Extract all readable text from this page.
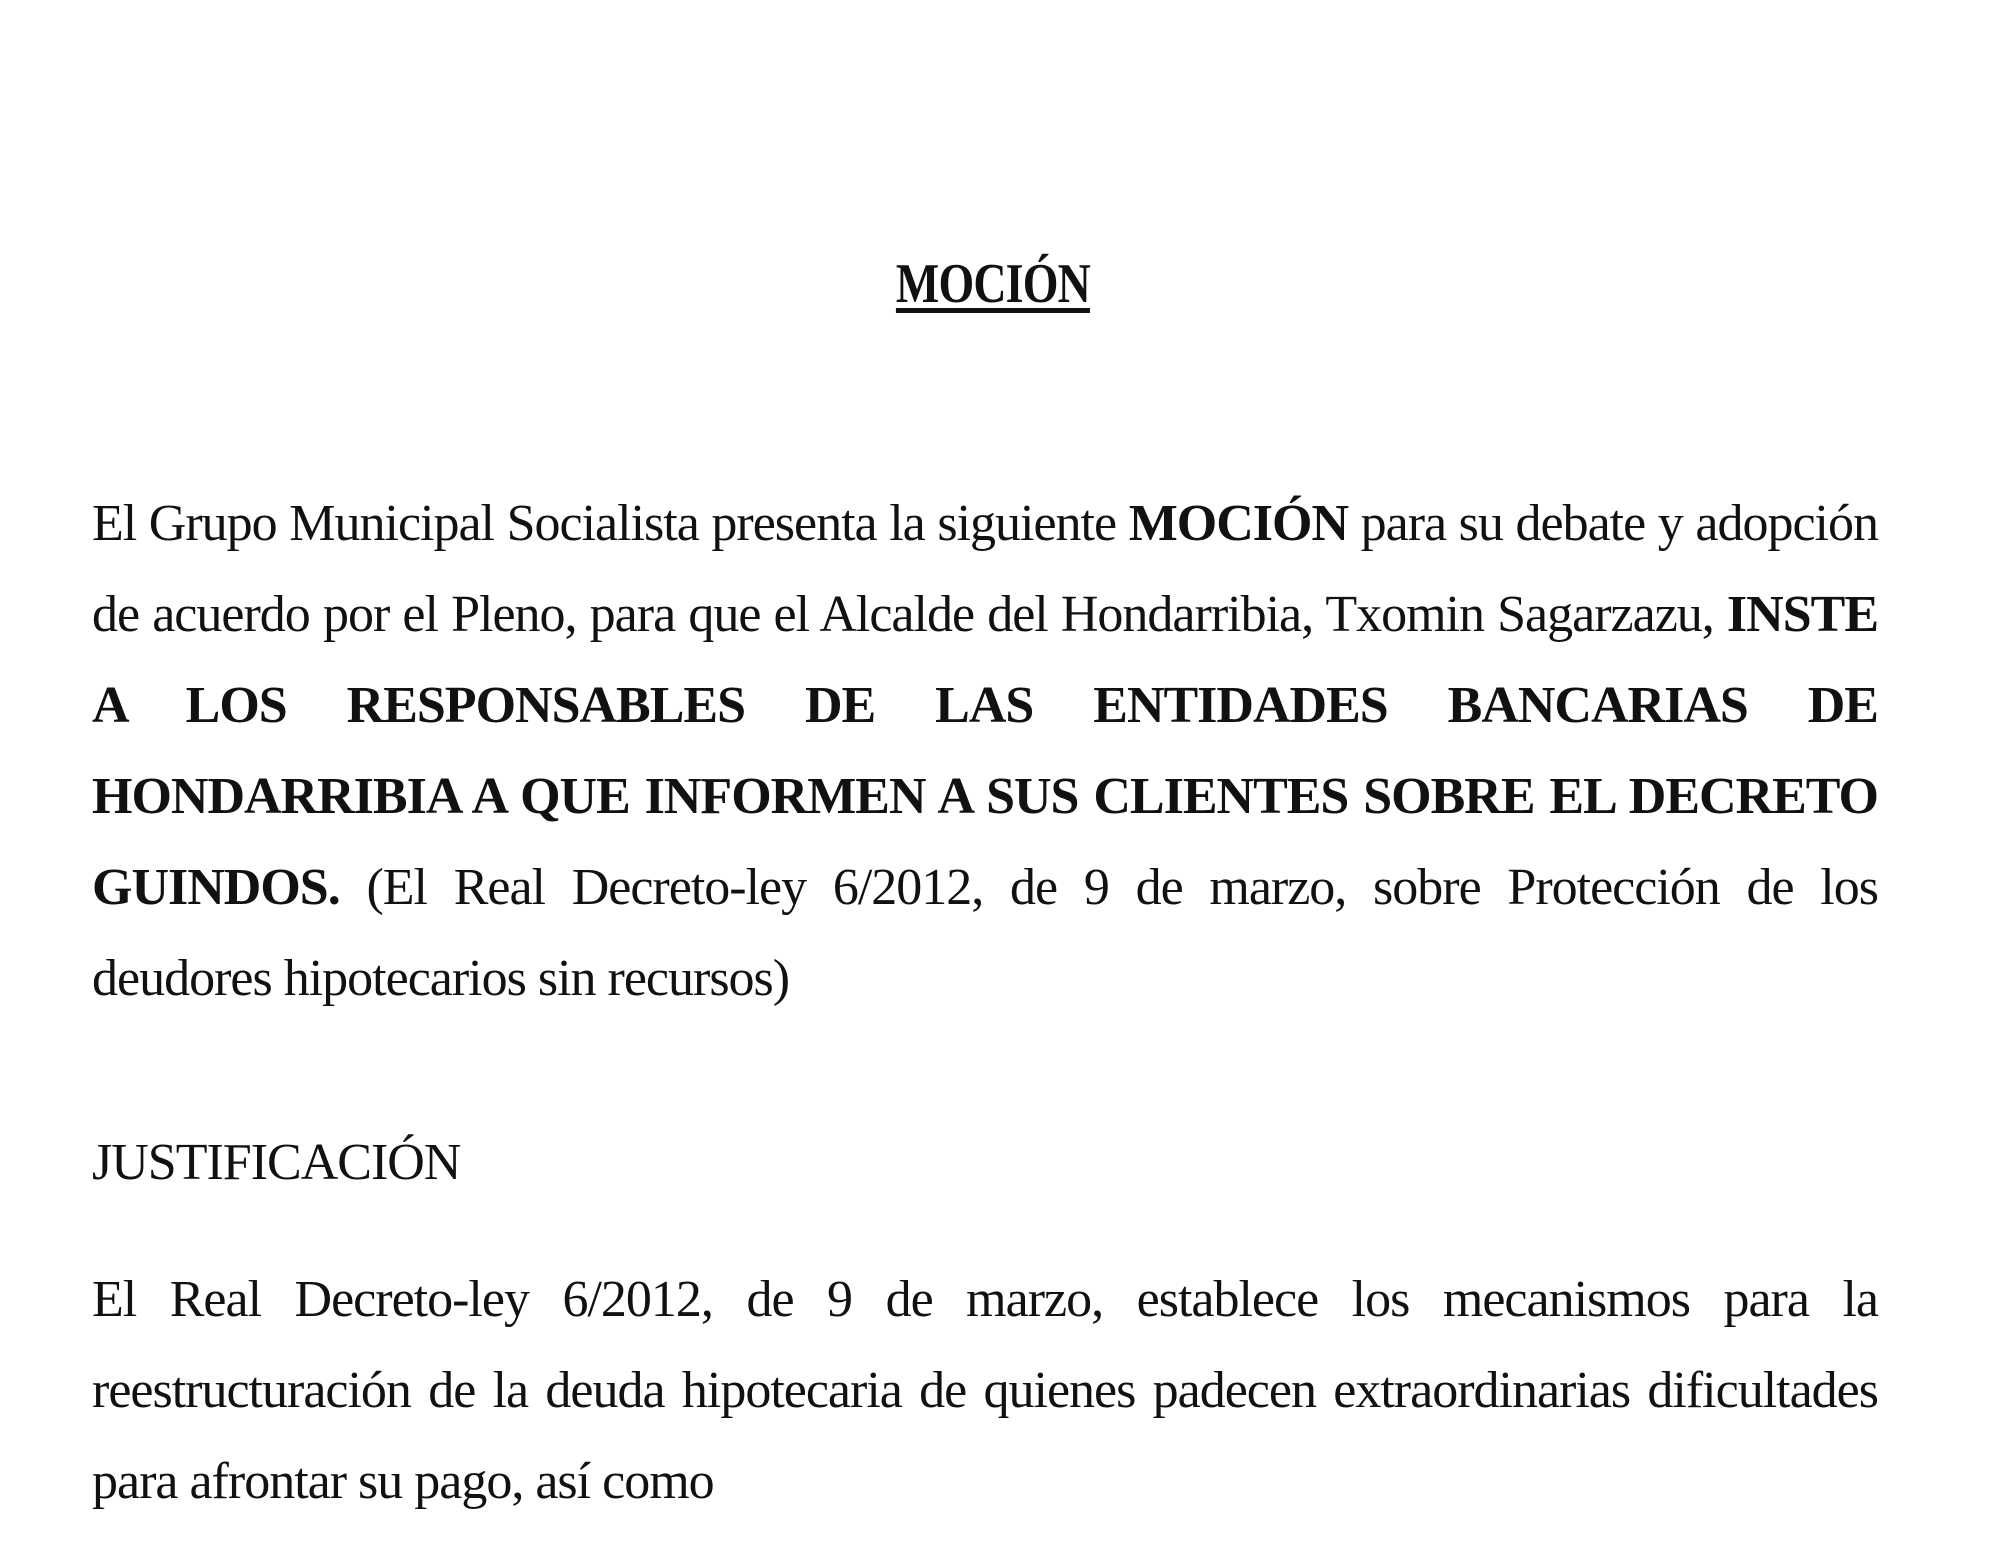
MOCIÓN

El Grupo Municipal Socialista presenta la siguiente MOCIÓN para su debate y adopción de acuerdo por el Pleno, para que el Alcalde del Hondarribia, Txomin Sagarzazu, INSTE A LOS RESPONSABLES DE LAS ENTIDADES BANCARIAS DE HONDARRIBIA A QUE INFORMEN A SUS CLIENTES SOBRE EL DECRETO GUINDOS. (El Real Decreto-ley 6/2012, de 9 de marzo, sobre Protección de los deudores hipotecarios sin recursos)

JUSTIFICACIÓN

El Real Decreto-ley 6/2012, de 9 de marzo, establece los mecanismos para la reestructuración de la deuda hipotecaria de quienes padecen extraordinarias dificultades para afrontar su pago, así como
